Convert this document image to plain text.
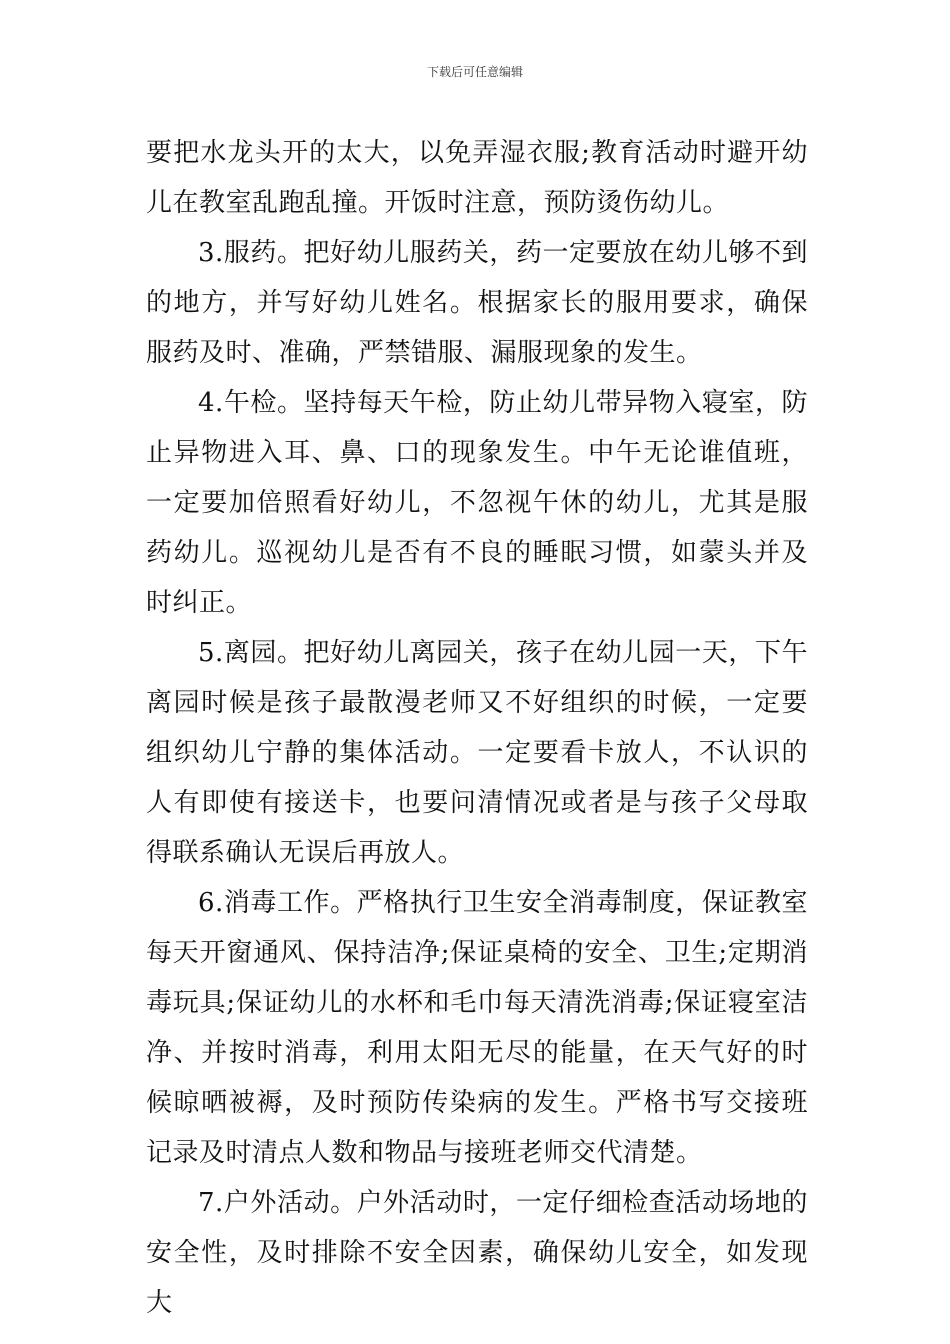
下载后可任意编辑

要把水龙头开的太大，以免弄湿衣服;教育活动时避开幼儿在教室乱跑乱撞。开饭时注意，预防烫伤幼儿。

3.服药。把好幼儿服药关，药一定要放在幼儿够不到的地方，并写好幼儿姓名。根据家长的服用要求，确保服药及时、准确，严禁错服、漏服现象的发生。

4.午检。坚持每天午检，防止幼儿带异物入寝室，防止异物进入耳、鼻、口的现象发生。中午无论谁值班，一定要加倍照看好幼儿，不忽视午休的幼儿，尤其是服药幼儿。巡视幼儿是否有不良的睡眠习惯，如蒙头并及时纠正。

5.离园。把好幼儿离园关，孩子在幼儿园一天，下午离园时候是孩子最散漫老师又不好组织的时候，一定要组织幼儿宁静的集体活动。一定要看卡放人，不认识的人有即使有接送卡，也要问清情况或者是与孩子父母取得联系确认无误后再放人。

6.消毒工作。严格执行卫生安全消毒制度，保证教室每天开窗通风、保持洁净;保证桌椅的安全、卫生;定期消毒玩具;保证幼儿的水杯和毛巾每天清洗消毒;保证寝室洁净、并按时消毒，利用太阳无尽的能量，在天气好的时候晾晒被褥，及时预防传染病的发生。严格书写交接班记录及时清点人数和物品与接班老师交代清楚。

7.户外活动。户外活动时，一定仔细检查活动场地的安全性，及时排除不安全因素，确保幼儿安全，如发现大
